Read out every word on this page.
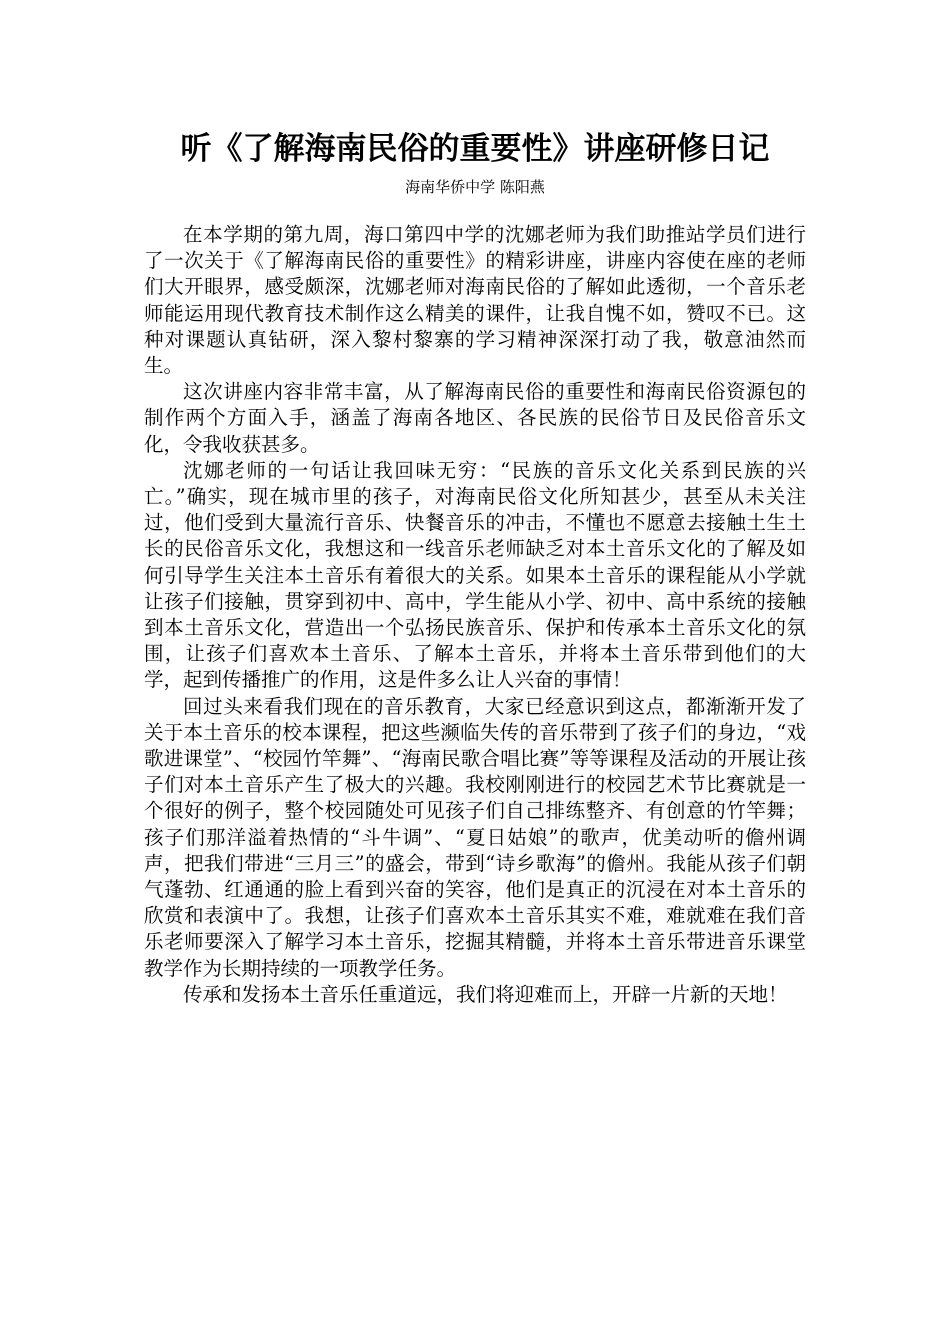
听《了解海南民俗的重要性》讲座研修日记
海南华侨中学 陈阳燕

在本学期的第九周，海口第四中学的沈娜老师为我们助推站学员们进行了一次关于《了解海南民俗的重要性》的精彩讲座，讲座内容使在座的老师们大开眼界，感受颇深，沈娜老师对海南民俗的了解如此透彻，一个音乐老师能运用现代教育技术制作这么精美的课件，让我自愧不如，赞叹不已。这种对课题认真钻研，深入黎村黎寨的学习精神深深打动了我，敬意油然而生。

这次讲座内容非常丰富，从了解海南民俗的重要性和海南民俗资源包的制作两个方面入手，涵盖了海南各地区、各民族的民俗节日及民俗音乐文化，令我收获甚多。

沈娜老师的一句话让我回味无穷：“民族的音乐文化关系到民族的兴亡。”确实，现在城市里的孩子，对海南民俗文化所知甚少，甚至从未关注过，他们受到大量流行音乐、快餐音乐的冲击，不懂也不愿意去接触土生土长的民俗音乐文化，我想这和一线音乐老师缺乏对本土音乐文化的了解及如何引导学生关注本土音乐有着很大的关系。如果本土音乐的课程能从小学就让孩子们接触，贯穿到初中、高中，学生能从小学、初中、高中系统的接触到本土音乐文化，营造出一个弘扬民族音乐、保护和传承本土音乐文化的氛围，让孩子们喜欢本土音乐、了解本土音乐，并将本土音乐带到他们的大学，起到传播推广的作用，这是件多么让人兴奋的事情！

回过头来看我们现在的音乐教育，大家已经意识到这点，都渐渐开发了关于本土音乐的校本课程，把这些濒临失传的音乐带到了孩子们的身边，“戏歌进课堂”、“校园竹竿舞”、“海南民歌合唱比赛”等等课程及活动的开展让孩子们对本土音乐产生了极大的兴趣。我校刚刚进行的校园艺术节比赛就是一个很好的例子，整个校园随处可见孩子们自己排练整齐、有创意的竹竿舞；孩子们那洋溢着热情的“斗牛调”、“夏日姑娘”的歌声，优美动听的儋州调声，把我们带进“三月三”的盛会，带到“诗乡歌海”的儋州。我能从孩子们朝气蓬勃、红通通的脸上看到兴奋的笑容，他们是真正的沉浸在对本土音乐的欣赏和表演中了。我想，让孩子们喜欢本土音乐其实不难，难就难在我们音乐老师要深入了解学习本土音乐，挖掘其精髓，并将本土音乐带进音乐课堂教学作为长期持续的一项教学任务。

传承和发扬本土音乐任重道远，我们将迎难而上，开辟一片新的天地！
